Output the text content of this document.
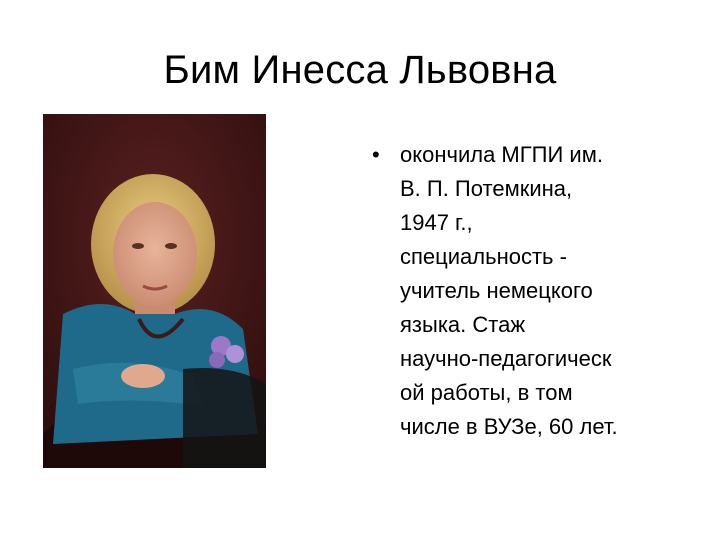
Бим Инесса Львовна
• окончила МГПИ им.
В. П. Потемкина,
1947 г.,
специальность -
учитель немецкого
языка. Стаж
научно-педагогическ
ой работы, в том
числе в ВУЗе, 60 лет.
